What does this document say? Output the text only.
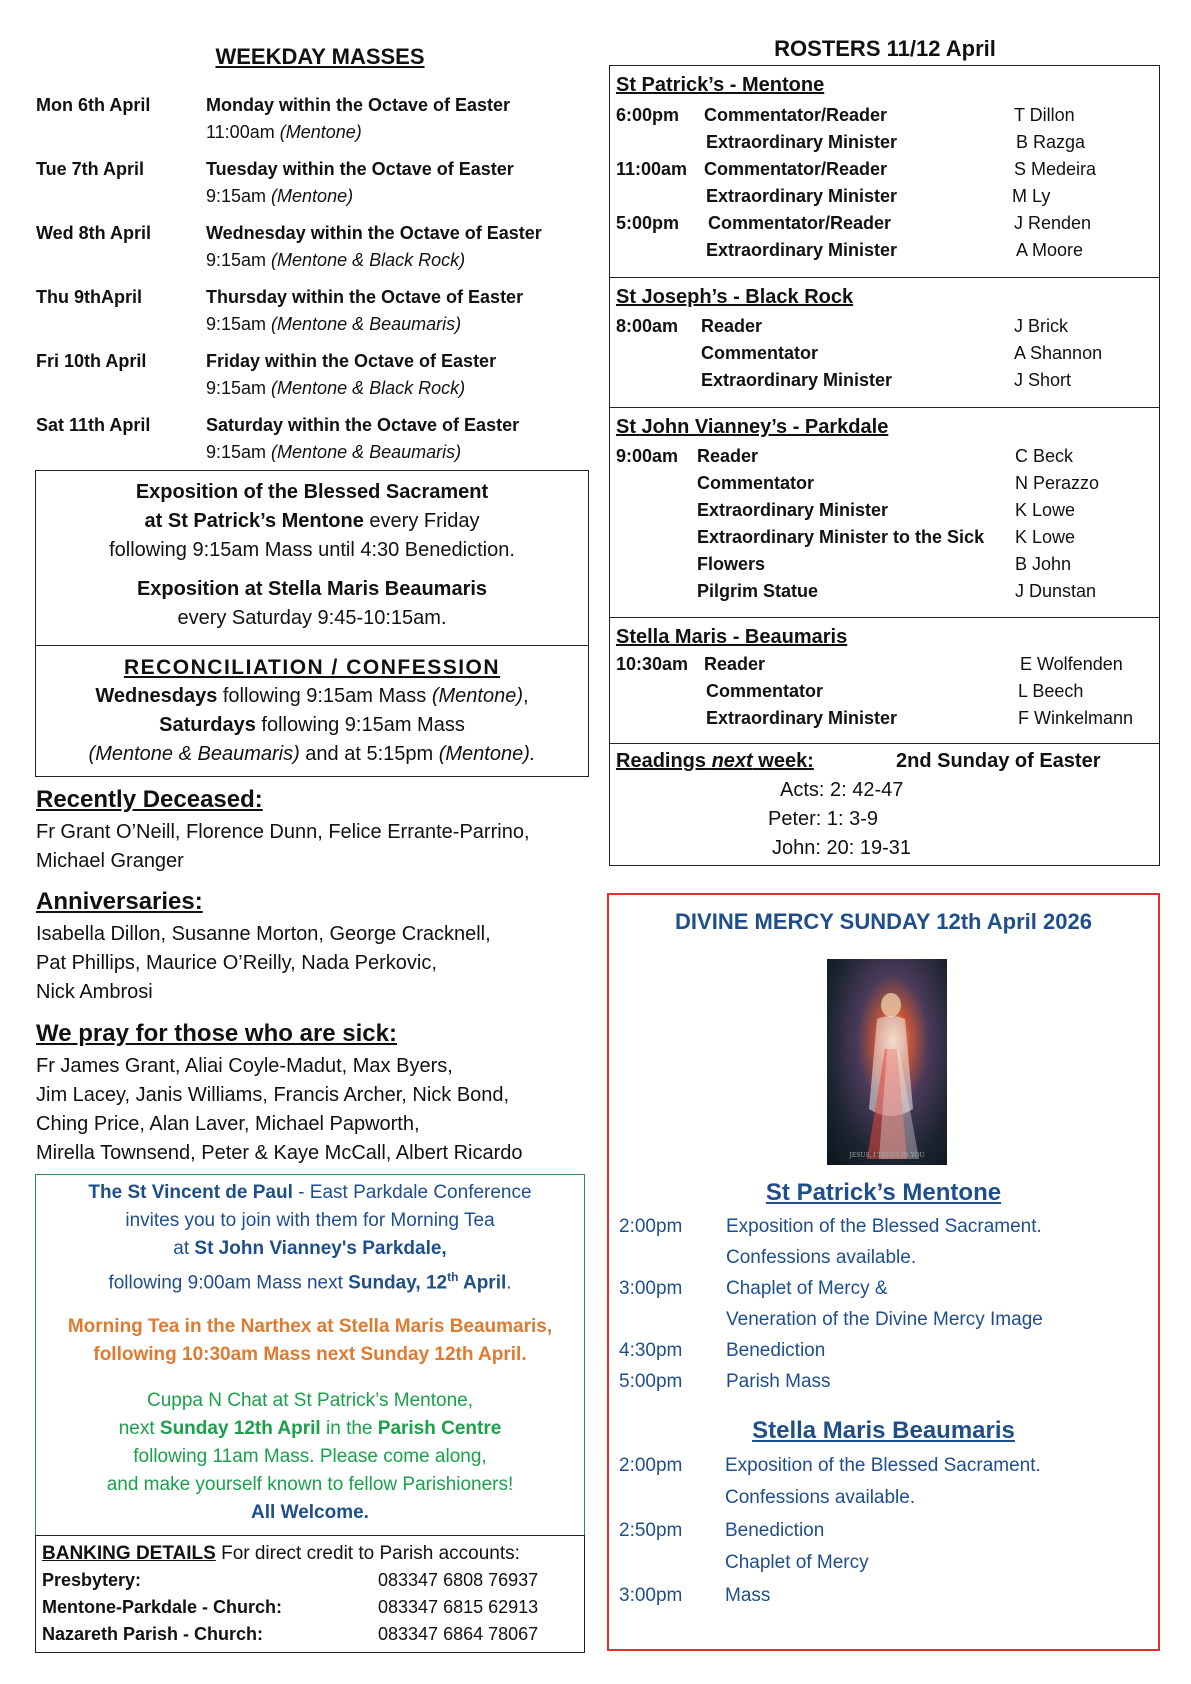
WEEKDAY MASSES
Mon 6th April	Monday within the Octave of Easter
11:00am (Mentone)
Tue 7th April	Tuesday within the Octave of Easter
9:15am (Mentone)
Wed 8th April	Wednesday within the Octave of Easter
9:15am (Mentone & Black Rock)
Thu 9thApril	Thursday within the Octave of Easter
9:15am (Mentone & Beaumaris)
Fri 10th April	Friday within the Octave of Easter
9:15am (Mentone & Black Rock)
Sat 11th April	Saturday within the Octave of Easter
9:15am (Mentone & Beaumaris)
Exposition of the Blessed Sacrament
at St Patrick’s Mentone every Friday
following 9:15am Mass until 4:30 Benediction.
Exposition at Stella Maris Beaumaris
every Saturday 9:45-10:15am.
RECONCILIATION / CONFESSION
Wednesdays following 9:15am Mass (Mentone),
Saturdays following 9:15am Mass
(Mentone & Beaumaris) and at 5:15pm (Mentone).
Recently Deceased:
Fr Grant O’Neill, Florence Dunn, Felice Errante-Parrino,
Michael Granger
Anniversaries:
Isabella Dillon, Susanne Morton, George Cracknell,
Pat Phillips, Maurice O’Reilly, Nada Perkovic,
Nick Ambrosi
We pray for those who are sick:
Fr James Grant, Aliai Coyle-Madut, Max Byers,
Jim Lacey, Janis Williams, Francis Archer, Nick Bond,
Ching Price, Alan Laver, Michael Papworth,
Mirella Townsend, Peter & Kaye McCall, Albert Ricardo
The St Vincent de Paul - East Parkdale Conference
invites you to join with them for Morning Tea
at St John Vianney's Parkdale,
following 9:00am Mass next Sunday, 12th April.
Morning Tea in the Narthex at Stella Maris Beaumaris,
following 10:30am Mass next Sunday 12th April.
Cuppa N Chat at St Patrick’s Mentone,
next Sunday 12th April in the Parish Centre
following 11am Mass. Please come along,
and make yourself known to fellow Parishioners!
All Welcome.
BANKING DETAILS For direct credit to Parish accounts:
Presbytery:	083347 6808 76937
Mentone-Parkdale - Church:	083347 6815 62913
Nazareth Parish - Church:	083347 6864 78067
ROSTERS 11/12 April
St Patrick’s - Mentone
6:00pm Commentator/Reader	T Dillon
Extraordinary Minister	B Razga
11:00am Commentator/Reader	S Medeira
Extraordinary Minister	M Ly
5:00pm Commentator/Reader	J Renden
Extraordinary Minister	A Moore
St Joseph’s - Black Rock
8:00am Reader	J Brick
Commentator	A Shannon
Extraordinary Minister	J Short
St John Vianney’s - Parkdale
9:00am Reader	C Beck
Commentator	N Perazzo
Extraordinary Minister	K Lowe
Extraordinary Minister to the Sick K Lowe
Flowers	B John
Pilgrim Statue	J Dunstan
Stella Maris - Beaumaris
10:30am Reader	E Wolfenden
Commentator	L Beech
Extraordinary Minister	F Winkelmann
Readings next week:	2nd Sunday of Easter
Acts: 2: 42-47
Peter: 1: 3-9
John: 20: 19-31
DIVINE MERCY SUNDAY 12th April 2026
JESUS, I TRUST IN YOU
St Patrick’s Mentone
2:00pm Exposition of the Blessed Sacrament.
Confessions available.
3:00pm Chaplet of Mercy &
Veneration of the Divine Mercy Image
4:30pm Benediction
5:00pm Parish Mass
Stella Maris Beaumaris
2:00pm Exposition of the Blessed Sacrament.
Confessions available.
2:50pm Benediction
Chaplet of Mercy
3:00pm Mass
